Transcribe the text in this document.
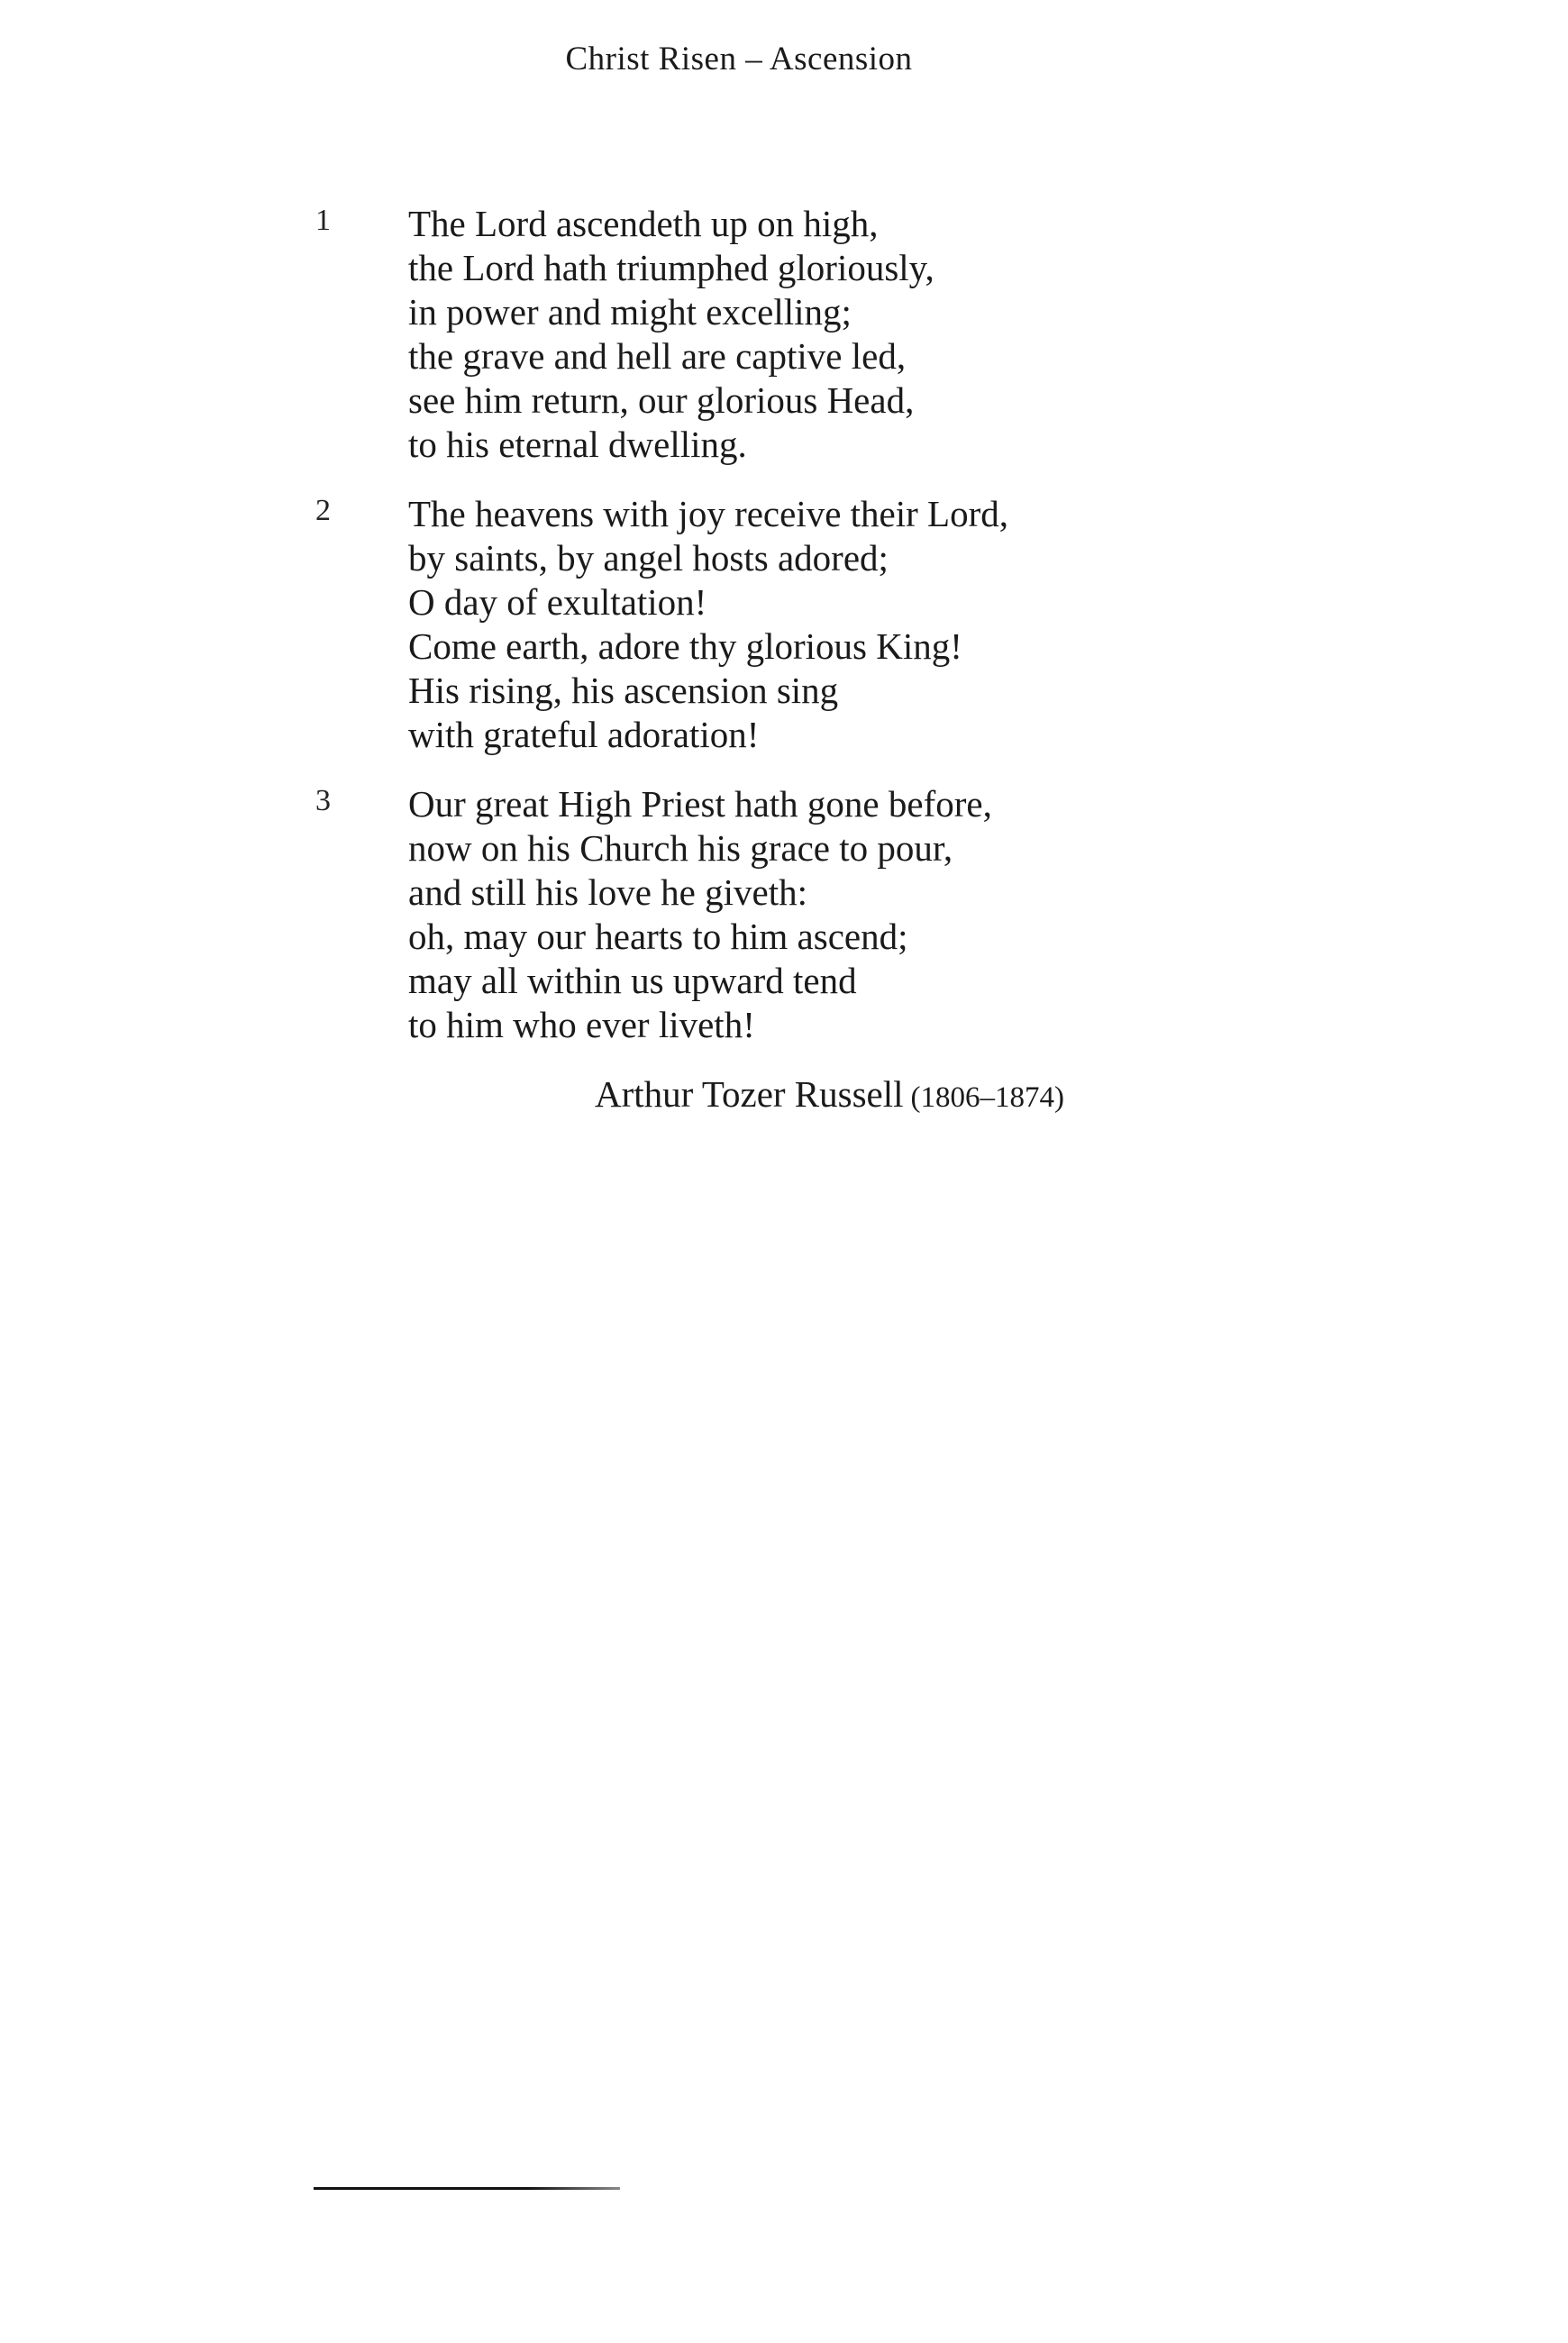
Christ Risen – Ascension
1 The Lord ascendeth up on high,
the Lord hath triumphed gloriously,
in power and might excelling;
the grave and hell are captive led,
see him return, our glorious Head,
to his eternal dwelling.
2 The heavens with joy receive their Lord,
by saints, by angel hosts adored;
O day of exultation!
Come earth, adore thy glorious King!
His rising, his ascension sing
with grateful adoration!
3 Our great High Priest hath gone before,
now on his Church his grace to pour,
and still his love he giveth:
oh, may our hearts to him ascend;
may all within us upward tend
to him who ever liveth!
Arthur Tozer Russell (1806–1874)
